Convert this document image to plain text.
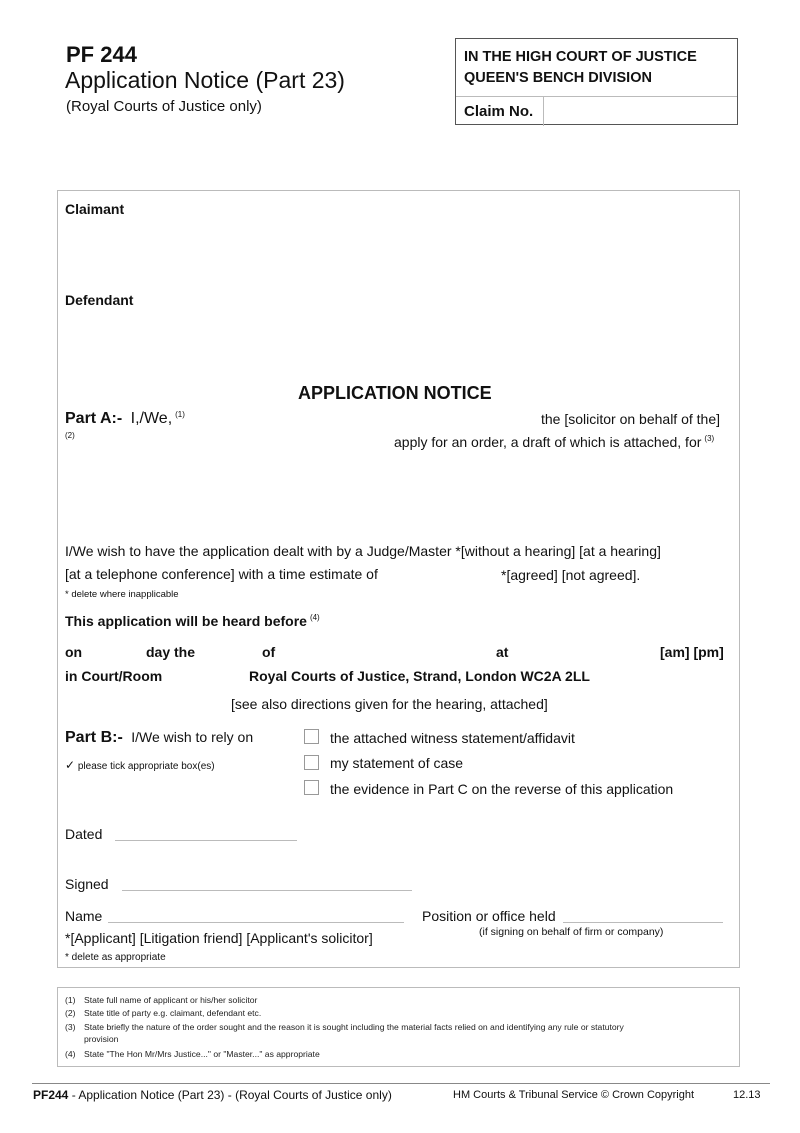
PF 244
Application Notice (Part 23)
(Royal Courts of Justice only)
IN THE HIGH COURT OF JUSTICE
QUEEN'S BENCH DIVISION
Claim No.
Claimant
Defendant
APPLICATION NOTICE
Part A:- I,/We, $^{(1)}$	the [solicitor on behalf of the]
(2)	apply for an order, a draft of which is attached, for $^{(3)}$
I/We wish to have the application dealt with by a Judge/Master *[without a hearing] [at a hearing]
[at a telephone conference] with a time estimate of	*[agreed] [not agreed].
* delete where inapplicable
This application will be heard before $^{(4)}$
on	day the	of	at	[am] [pm]
in Court/Room	Royal Courts of Justice, Strand, London WC2A 2LL
[see also directions given for the hearing, attached]
Part B:- I/We wish to rely on
✓ please tick appropriate box(es)
the attached witness statement/affidavit
my statement of case
the evidence in Part C on the reverse of this application
Dated
Signed
Name	Position or office held
(if signing on behalf of firm or company)
*[Applicant] [Litigation friend] [Applicant's solicitor]
* delete as appropriate
(1) State full name of applicant or his/her solicitor
(2) State title of party e.g. claimant, defendant etc.
(3) State briefly the nature of the order sought and the reason it is sought including the material facts relied on and identifying any rule or statutory
provision
(4) State "The Hon Mr/Mrs Justice..." or "Master..." as appropriate
PF244 - Application Notice (Part 23) - (Royal Courts of Justice only)	HM Courts & Tribunal Service © Crown Copyright	12.13
